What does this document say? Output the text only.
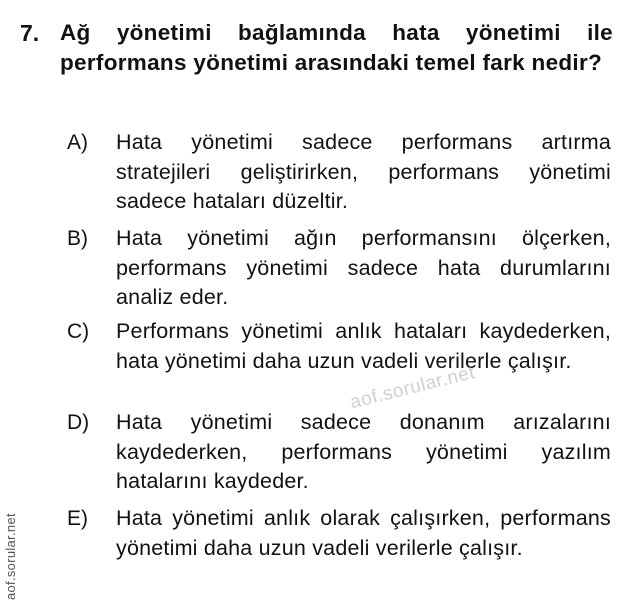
7. Ağ yönetimi bağlamında hata yönetimi ile performans yönetimi arasındaki temel fark nedir?
A) Hata yönetimi sadece performans artırma stratejileri geliştirirken, performans yönetimi sadece hataları düzeltir.
B) Hata yönetimi ağın performansını ölçerken, performans yönetimi sadece hata durumlarını analiz eder.
C) Performans yönetimi anlık hataları kaydederken, hata yönetimi daha uzun vadeli verilerle çalışır.
D) Hata yönetimi sadece donanım arızalarını kaydederken, performans yönetimi yazılım hatalarını kaydeder.
E) Hata yönetimi anlık olarak çalışırken, performans yönetimi daha uzun vadeli verilerle çalışır.
aof.sorular.net
aof.sorular.net
